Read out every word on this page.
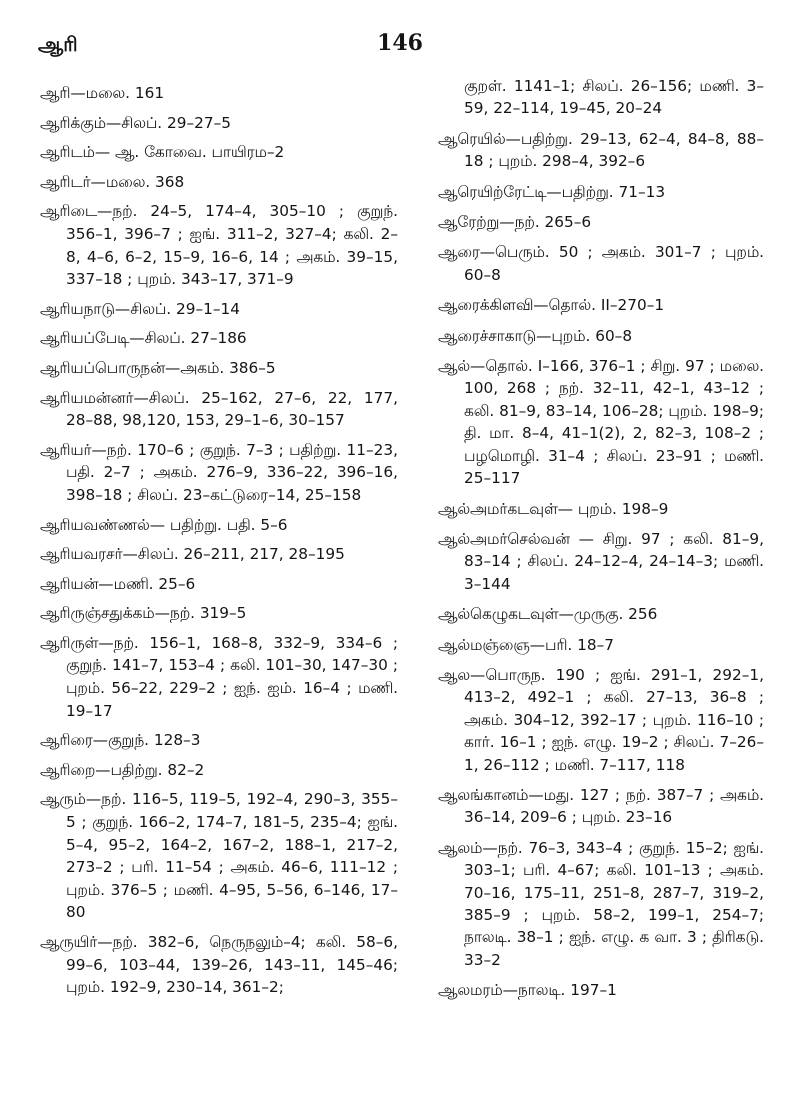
ஆரி	146
ஆரி—மலை. 161
ஆரிக்கும்—சிலப். 29–27–5
ஆரிடம்— ஆ. கோவை. பாயிரம–2
ஆரிடர்—மலை. 368
ஆரிடை—நற். 24–5, 174–4, 305–10 ; குறுந். 356–1, 396–7 ; ஐங். 311–2, 327–4; கலி. 2–8, 4–6, 6–2, 15–9, 16–6, 14 ; அகம். 39–15, 337–18 ; புறம். 343–17, 371–9
ஆரியநாடு—சிலப். 29–1–14
ஆரியப்பேடி—சிலப். 27–186
ஆரியப்பொருநன்—அகம். 386–5
ஆரியமன்னர்—சிலப். 25–162, 27–6, 22, 177, 28–88, 98,120, 153, 29–1–6, 30–157
ஆரியர்—நற். 170–6 ; குறுந். 7–3 ; பதிற்று. 11–23, பதி. 2–7 ; அகம். 276–9, 336–22, 396–16, 398–18 ; சிலப். 23–கட்டுரை–14, 25–158
ஆரியவண்ணல்— பதிற்று. பதி. 5–6
ஆரியவரசர்—சிலப். 26–211, 217, 28–195
ஆரியன்—மணி. 25–6
ஆரிருஞ்சதுக்கம்—நற். 319–5
ஆரிருள்—நற். 156–1, 168–8, 332–9, 334–6 ; குறுந். 141–7, 153–4 ; கலி. 101–30, 147–30 ; புறம். 56–22, 229–2 ; ஐந். ஐம். 16–4 ; மணி. 19–17
ஆரிரை—குறுந். 128–3
ஆரிறை—பதிற்று. 82–2
ஆரும்—நற். 116–5, 119–5, 192–4, 290–3, 355–5 ; குறுந். 166–2, 174–7, 181–5, 235–4; ஐங். 5–4, 95–2, 164–2, 167–2, 188–1, 217–2, 273–2 ; பரி. 11–54 ; அகம். 46–6, 111–12 ; புறம். 376–5 ; மணி. 4–95, 5–56, 6–146, 17–80
ஆருயிர்—நற். 382–6, நெருநலும்–4; கலி. 58–6, 99–6, 103–44, 139–26, 143–11, 145–46; புறம். 192–9, 230–14, 361–2;
குறள். 1141–1; சிலப். 26–156; மணி. 3–59, 22–114, 19–45, 20–24
ஆரெயில்—பதிற்று. 29–13, 62–4, 84–8, 88–18 ; புறம். 298–4, 392–6
ஆரெயிற்ரேட்டி—பதிற்று. 71–13
ஆரேற்று—நற். 265–6
ஆரை—பெரும். 50 ; அகம். 301–7 ; புறம். 60–8
ஆரைக்கிளவி—தொல். II–270–1
ஆரைச்சாகாடு—புறம். 60–8
ஆல்—தொல். I–166, 376–1 ; சிறு. 97 ; மலை. 100, 268 ; நற். 32–11, 42–1, 43–12 ; கலி. 81–9, 83–14, 106–28; புறம். 198–9; தி. மா. 8–4, 41–1(2), 2, 82–3, 108–2 ; பழமொழி. 31–4 ; சிலப். 23–91 ; மணி. 25–117
ஆல்அமர்கடவுள்— புறம். 198–9
ஆல்அமர்செல்வன் — சிறு. 97 ; கலி. 81–9, 83–14 ; சிலப். 24–12–4, 24–14–3; மணி. 3–144
ஆல்கெழுகடவுள்—முருகு. 256
ஆல்மஞ்ஞை—பரி. 18–7
ஆல—பொருந. 190 ; ஐங். 291–1, 292–1, 413–2, 492–1 ; கலி. 27–13, 36–8 ; அகம். 304–12, 392–17 ; புறம். 116–10 ; கார். 16–1 ; ஐந். எழு. 19–2 ; சிலப். 7–26–1, 26–112 ; மணி. 7–117, 118
ஆலங்கானம்—மது. 127 ; நற். 387–7 ; அகம். 36–14, 209–6 ; புறம். 23–16
ஆலம்—நற். 76–3, 343–4 ; குறுந். 15–2; ஐங். 303–1; பரி. 4–67; கலி. 101–13 ; அகம். 70–16, 175–11, 251–8, 287–7, 319–2, 385–9 ; புறம். 58–2, 199–1, 254–7; நாலடி. 38–1 ; ஐந். எழு. க வா. 3 ; திரிகடு. 33–2
ஆலமரம்—நாலடி. 197–1
